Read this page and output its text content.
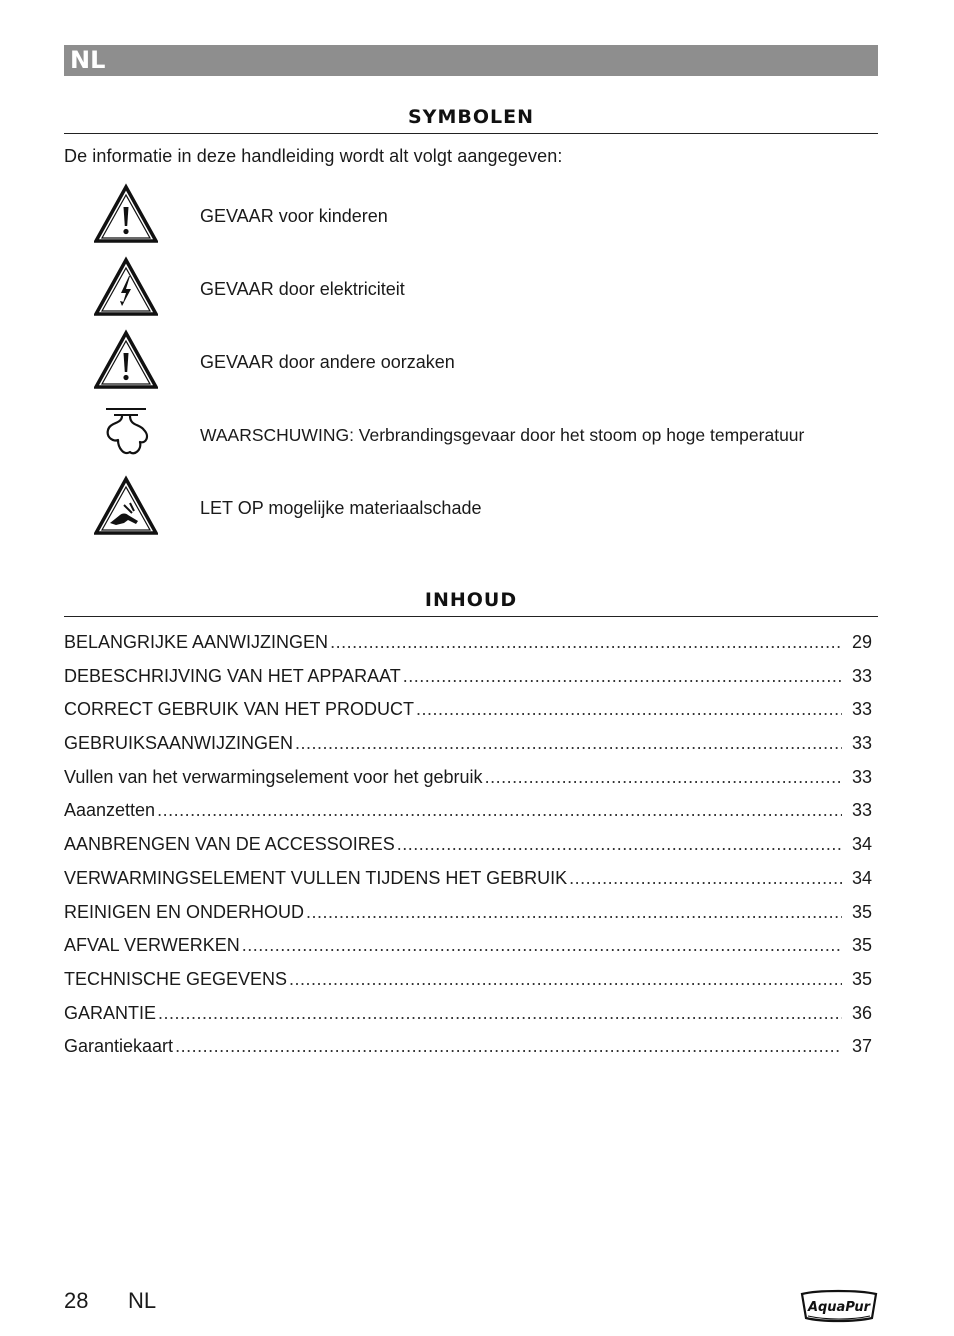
NL
SYMBOLEN
De informatie in deze handleiding wordt alt volgt aangegeven:
GEVAAR voor kinderen
GEVAAR door elektriciteit
GEVAAR door andere oorzaken
WAARSCHUWING: Verbrandingsgevaar door het stoom op hoge temperatuur
LET OP mogelijke materiaalschade
INHOUD
BELANGRIJKE AANWIJZINGEN .....	29
DEBESCHRIJVING VAN HET APPARAAT .....	33
CORRECT GEBRUIK VAN HET PRODUCT .....	33
GEBRUIKSAANWIJZINGEN .....	33
Vullen van het verwarmingselement voor het gebruik .....	33
Aaanzetten .....	33
AANBRENGEN VAN DE ACCESSOIRES .....	34
VERWARMINGSELEMENT VULLEN TIJDENS HET GEBRUIK .....	34
REINIGEN EN ONDERHOUD .....	35
AFVAL VERWERKEN .....	35
TECHNISCHE GEGEVENS .....	35
GARANTIE .....	36
Garantiekaart .....	37
28 NL	AquaPur
